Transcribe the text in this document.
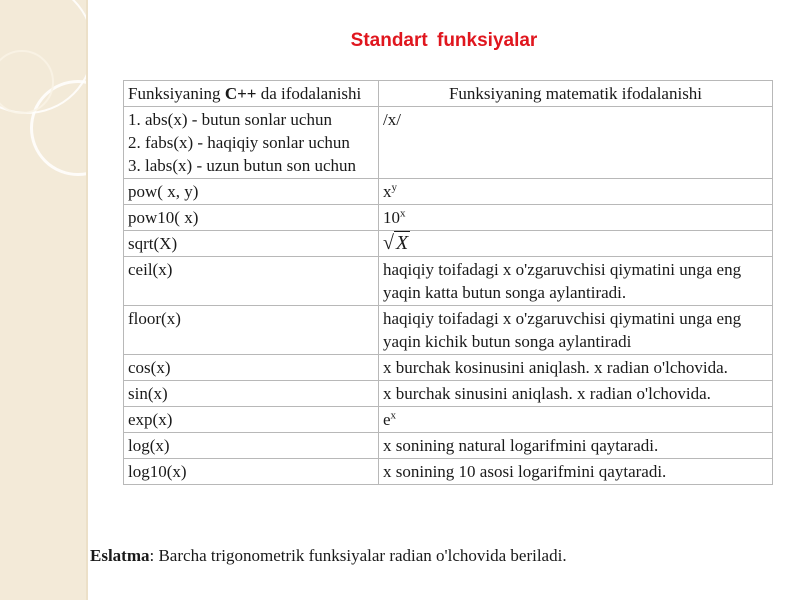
Standart funksiyalar
Funksiyaning C++ da ifodalanishi	Funksiyaning matematik ifodalanishi

1. abs(x) - butun sonlar uchun
2. fabs(x) - haqiqiy sonlar uchun
3. labs(x) - uzun butun son uchun	/x/
pow( x, y)	$x^y$
pow10( x)	10$^x$
sqrt(X)	√ X
ceil(x)	haqiqiy toifadagi x o'zgaruvchisi qiymatini unga eng
yaqin katta butun songa aylantiradi.

floor(x)	haqiqiy toifadagi x o'zgaruvchisi qiymatini unga eng
yaqin kichik butun songa aylantiradi

cos(x)	x burchak kosinusini aniqlash. x radian o'lchovida.
sin(x)	x burchak sinusini aniqlash. x radian o'lchovida.
exp(x)	$e^x$
log(x)	x sonining natural logarifmini qaytaradi.
log10(x)	x sonining 10 asosi logarifmini qaytaradi.
Eslatma: Barcha trigonometrik funksiyalar radian o'lchovida beriladi.
